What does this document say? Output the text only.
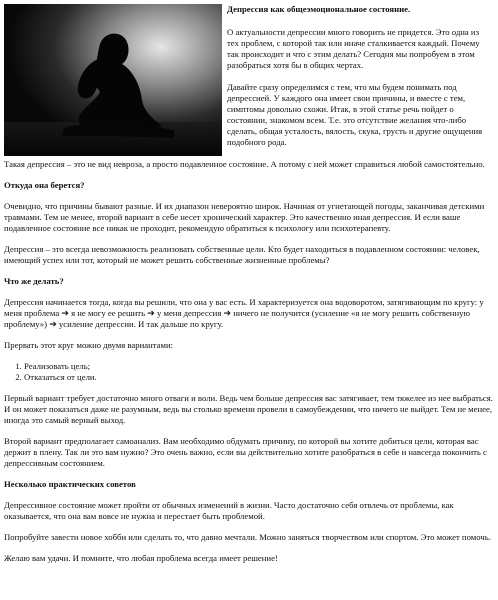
Депрессия как общеэмоциональное состояние.

О актуальности депрессии много говорить не придется. Это одна из тех проблем, с которой так или иначе сталкивается каждый. Почему так происходит и что с этим делать? Сегодня мы попробуем в этом разобраться хотя бы в общих чертах.

Давайте сразу определимся с тем, что мы будем понимать под депрессией. У каждого она имеет свои причины, и вместе с тем, симптомы довольно схожи. Итак, в этой статье речь пойдет о состоянии, знакомом всем. Т.е. это отсутствие желания что-либо сделать, общая усталость, вялость, скука, грусть и другие ощущения подобного рода.

Такая депрессия – это не вид невроза, а просто подавленное состояние. А потому с ней может справиться любой самостоятельно.

Откуда она берется?

Очевидно, что причины бывают разные. И их диапазон невероятно широк. Начиная от угнетающей погоды, заканчивая детскими травмами. Тем не менее, второй вариант в себе несет хронический характер. Это качественно иная депрессия. И если ваше подавленное состояние все никак не проходит, рекомендую обратиться к психологу или психотерапевту.

Депрессия – это всегда невозможность реализовать собственные цели. Кто будет находиться в подавленном состоянии: человек, имеющий успех или тот, который не может решить собственные жизненные проблемы?

Что же делать?

Депрессия начинается тогда, когда вы решили, что она у вас есть. И характеризуется она водоворотом, затягивающим по кругу: у меня проблема ➔ я не могу ее решить ➔ у меня депрессия ➔ ничего не получится (усиление «я не могу решить собственную проблему») ➔ усиление депрессии. И так дальше по кругу.

Прервать этот круг можно двумя вариантами:

1. Реализовать цель;
2. Отказаться от цели.

Первый вариант требует достаточно много отваги и воли. Ведь чем больше депрессия вас затягивает, тем тяжелее из нее выбраться. И он может показаться даже не разумным, ведь вы столько времени провели в самоубеждении, что ничего не выйдет. Тем не менее, иногда это самый верный выход.

Второй вариант предполагает самоанализ. Вам необходимо обдумать причину, по которой вы хотите добиться цели, которая вас держит в плену. Так ли это вам нужно? Это очень важно, если вы действительно хотите разобраться в себе и навсегда покончить с депрессивным состоянием.

Несколько практических советов

Депрессивное состояние может пройти от обычных изменений в жизни. Часто достаточно себя отвлечь от проблемы, как оказывается, что она вам вовсе не нужна и перестает быть проблемой.

Попробуйте завести новое хобби или сделать то, что давно мечтали. Можно заняться творчеством или спортом. Это может помочь.

Желаю вам удачи. И помните, что любая проблема всегда имеет решение!
